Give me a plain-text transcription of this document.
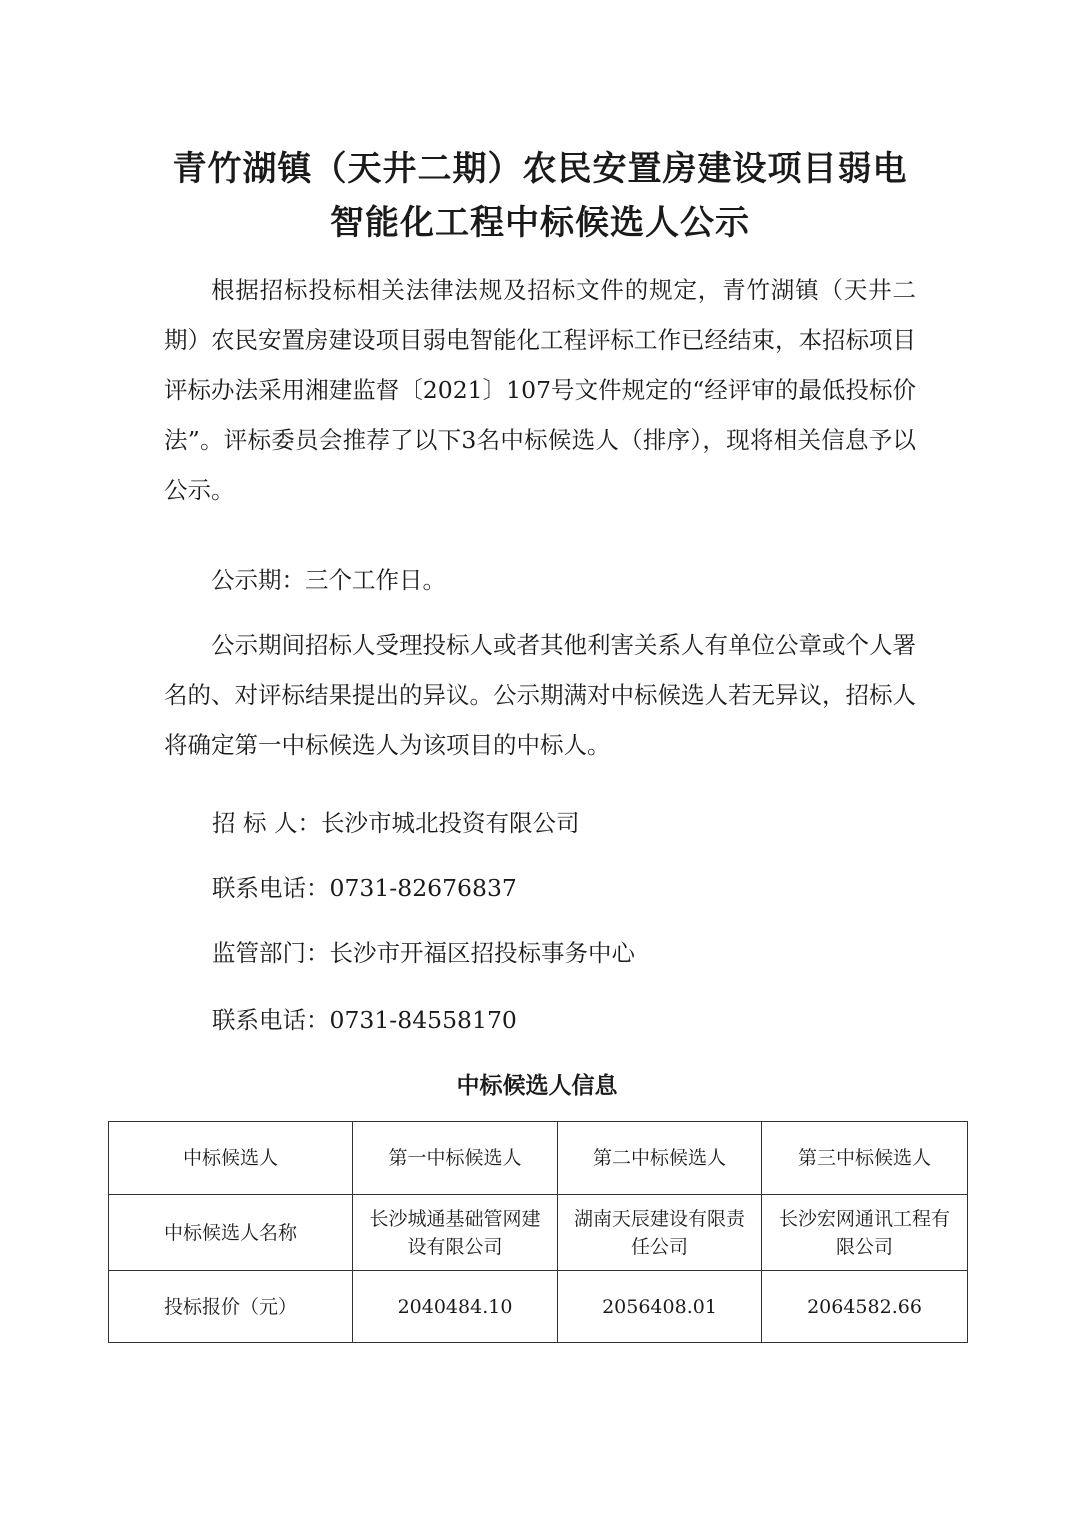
青竹湖镇（天井二期）农民安置房建设项目弱电智能化工程中标候选人公示

根据招标投标相关法律法规及招标文件的规定，青竹湖镇（天井二期）农民安置房建设项目弱电智能化工程评标工作已经结束，本招标项目评标办法采用湘建监督〔2021〕107号文件规定的“经评审的最低投标价法”。评标委员会推荐了以下3名中标候选人（排序），现将相关信息予以公示。

公示期：三个工作日。

公示期间招标人受理投标人或者其他利害关系人有单位公章或个人署名的、对评标结果提出的异议。公示期满对中标候选人若无异议，招标人将确定第一中标候选人为该项目的中标人。

招 标 人：长沙市城北投资有限公司

联系电话：0731-82676837

监管部门：长沙市开福区招投标事务中心

联系电话：0731-84558170

中标候选人信息
中标候选人	第一中标候选人	第二中标候选人	第三中标候选人
中标候选人名称	长沙城通基础管网建设有限公司	湖南天辰建设有限责任公司	长沙宏网通讯工程有限公司
投标报价（元）	2040484.10	2056408.01	2064582.66
